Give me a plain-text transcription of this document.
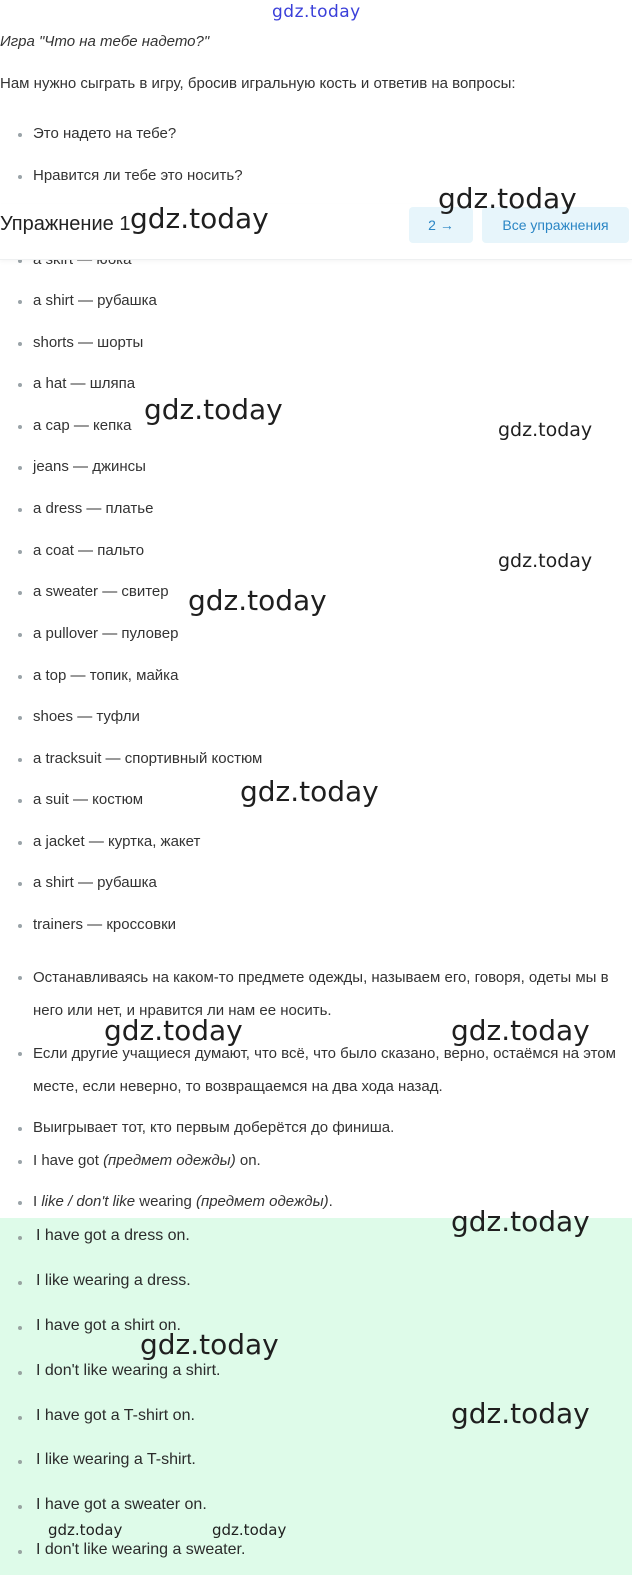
gdz.today
Игра "Что на тебе надето?"
Нам нужно сыграть в игру, бросив игральную кость и ответив на вопросы:
Это надето на тебе?
Нравится ли тебе это носить?
a shirt — рубашка
shorts — шорты
a hat — шляпа
a cap — кепка
jeans — джинсы
a dress — платье
a coat — пальто
a sweater — свитер
a pullover — пуловер
a top — топик, майка
shoes — туфли
a tracksuit — спортивный костюм
a suit — костюм
a jacket — куртка, жакет
a shirt — рубашка
trainers — кроссовки
Упражнение 1	2 →	Все упражнения
Останавливаясь на каком-то предмете одежды, называем его, говоря, одеты мы в него или нет, и нравится ли нам ее носить.
Если другие учащиеся думают, что всё, что было сказано, верно, остаёмся на этом месте, если неверно, то возвращаемся на два хода назад.
Выигрывает тот, кто первым доберётся до финиша.
I have got (предмет одежды) on.
I like / don't like wearing (предмет одежды).
I have got a dress on.
I like wearing a dress.
I have got a shirt on.
I don't like wearing a shirt.
I have got a T-shirt on.
I like wearing a T-shirt.
I have got a sweater on.
I don't like wearing a sweater.
gdz.today
gdz.today
gdz.today
gdz.today
gdz.today
gdz.today
gdz.today
gdz.today	gdz.today
gdz.today
gdz.today
gdz.today
gdz.today	gdz.today
